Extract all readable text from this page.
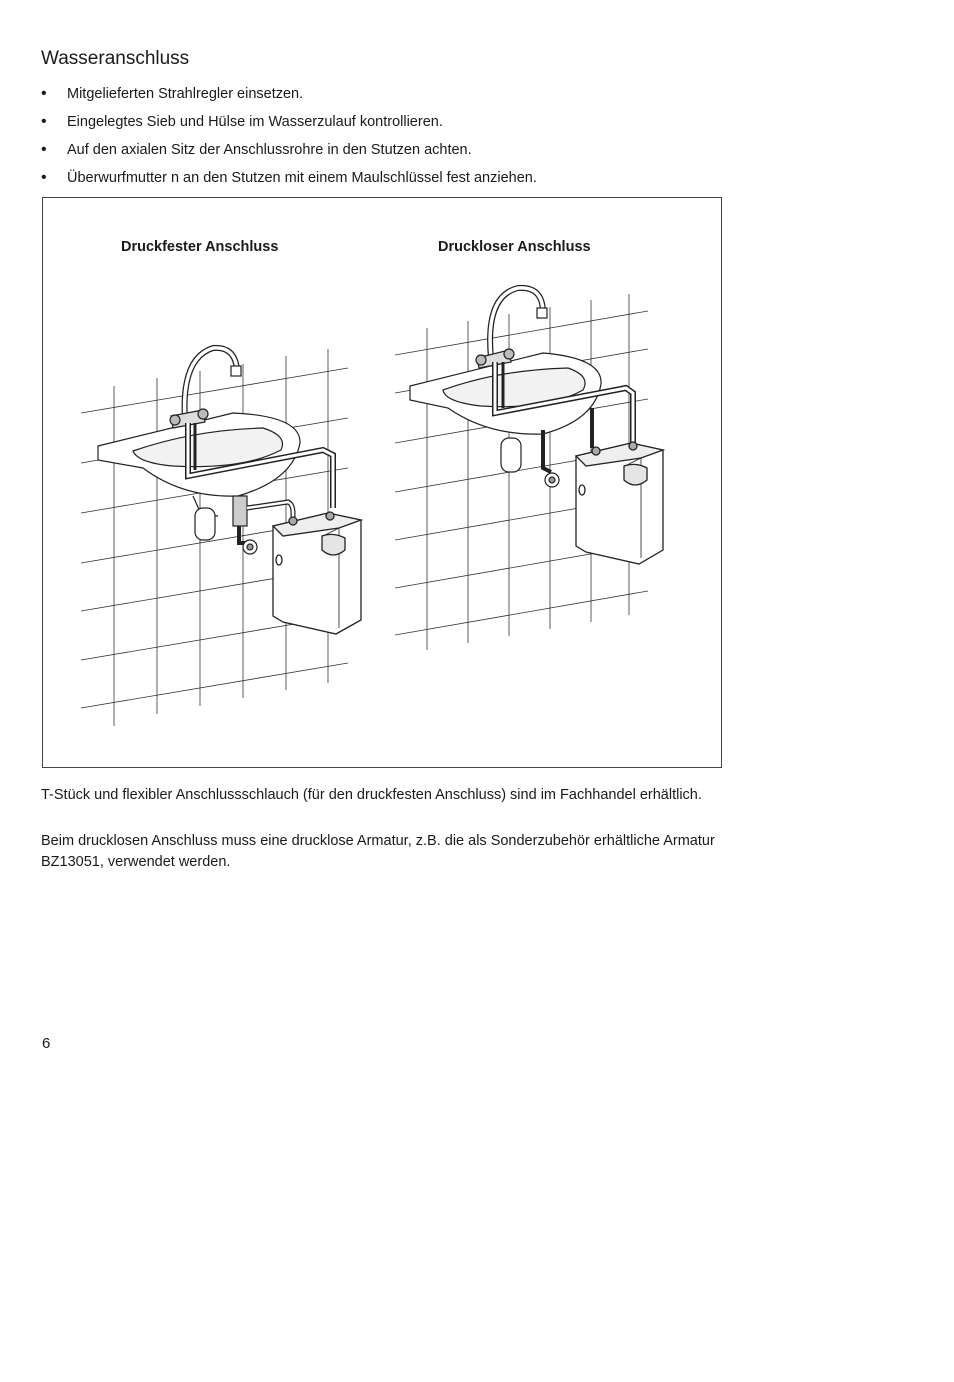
Wasseranschluss
• Mitgelieferten Strahlregler einsetzen.
• Eingelegtes Sieb und Hülse im Wasserzulauf kontrollieren.
• Auf den axialen Sitz der Anschlussrohre in den Stutzen achten.
• Überwurfmutter n an den Stutzen mit einem Maulschlüssel fest anziehen.
Druckfester Anschluss	Druckloser Anschluss

T-Stück und flexibler Anschlussschlauch (für den druckfesten Anschluss) sind im Fachhandel erhältlich.

Beim drucklosen Anschluss muss eine drucklose Armatur, z.B. die als Sonderzubehör erhältliche Armatur BZ13051, verwendet werden.

6
